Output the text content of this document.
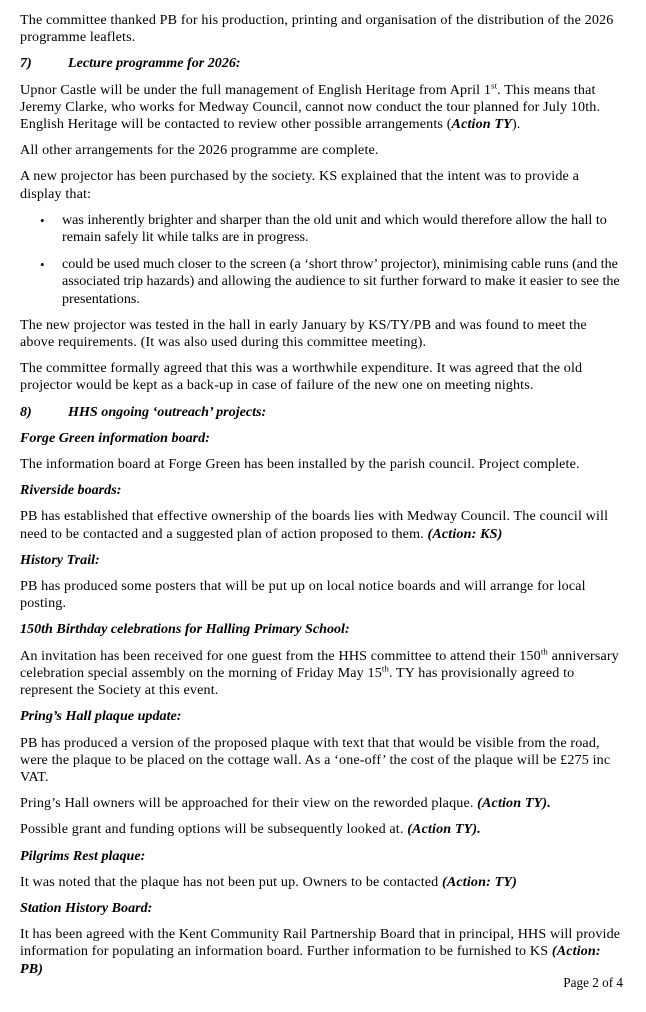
The committee thanked PB for his production, printing and organisation of the distribution of the 2026 programme leaflets.

7)	Lecture programme for 2026:

Upnor Castle will be under the full management of English Heritage from April 1st. This means that Jeremy Clarke, who works for Medway Council, cannot now conduct the tour planned for July 10th. English Heritage will be contacted to review other possible arrangements (Action TY).

All other arrangements for the 2026 programme are complete.

A new projector has been purchased by the society. KS explained that the intent was to provide a display that:

• was inherently brighter and sharper than the old unit and which would therefore allow the hall to remain safely lit while talks are in progress.
• could be used much closer to the screen (a ‘short throw’ projector), minimising cable runs (and the associated trip hazards) and allowing the audience to sit further forward to make it easier to see the presentations.

The new projector was tested in the hall in early January by KS/TY/PB and was found to meet the above requirements. (It was also used during this committee meeting).

The committee formally agreed that this was a worthwhile expenditure. It was agreed that the old projector would be kept as a back-up in case of failure of the new one on meeting nights.

8)	HHS ongoing ‘outreach’ projects:

Forge Green information board:

The information board at Forge Green has been installed by the parish council. Project complete.

Riverside boards:

PB has established that effective ownership of the boards lies with Medway Council. The council will need to be contacted and a suggested plan of action proposed to them. (Action: KS)

History Trail:

PB has produced some posters that will be put up on local notice boards and will arrange for local posting.

150th Birthday celebrations for Halling Primary School:

An invitation has been received for one guest from the HHS committee to attend their 150th anniversary celebration special assembly on the morning of Friday May 15th. TY has provisionally agreed to represent the Society at this event.

Pring’s Hall plaque update:

PB has produced a version of the proposed plaque with text that that would be visible from the road, were the plaque to be placed on the cottage wall. As a ‘one-off’ the cost of the plaque will be £275 inc VAT.

Pring’s Hall owners will be approached for their view on the reworded plaque. (Action TY).

Possible grant and funding options will be subsequently looked at. (Action TY).

Pilgrims Rest plaque:

It was noted that the plaque has not been put up. Owners to be contacted (Action: TY)

Station History Board:

It has been agreed with the Kent Community Rail Partnership Board that in principal, HHS will provide information for populating an information board. Further information to be furnished to KS (Action: PB)

Page 2 of 4
